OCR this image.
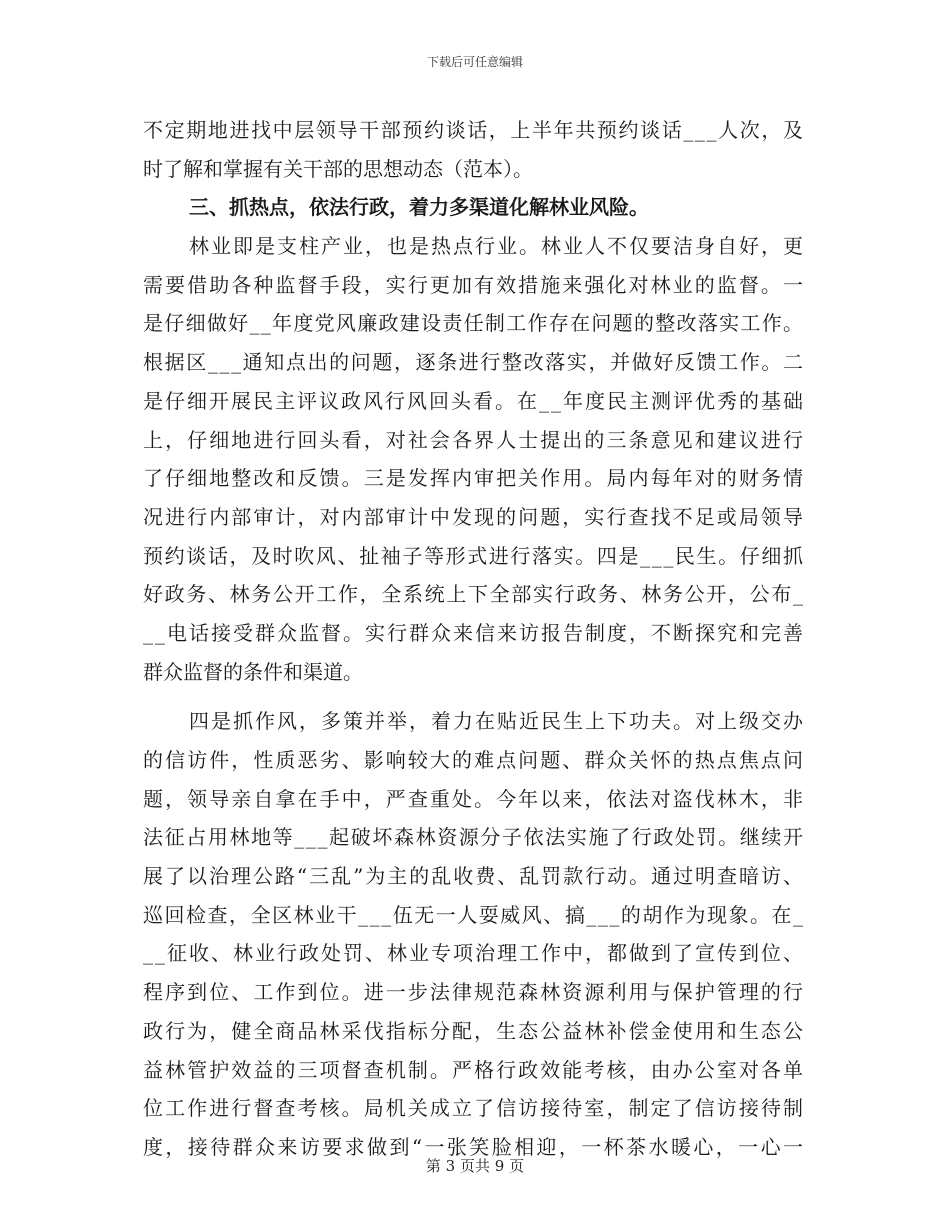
下载后可任意编辑
不定期地进找中层领导干部预约谈话，上半年共预约谈话___人次，及
时了解和掌握有关干部的思想动态（范本）。
三、抓热点，依法行政，着力多渠道化解林业风险。
林业即是支柱产业，也是热点行业。林业人不仅要洁身自好，更
需要借助各种监督手段，实行更加有效措施来强化对林业的监督。一
是仔细做好__年度党风廉政建设责任制工作存在问题的整改落实工作。
根据区___通知点出的问题，逐条进行整改落实，并做好反馈工作。二
是仔细开展民主评议政风行风回头看。在__年度民主测评优秀的基础
上，仔细地进行回头看，对社会各界人士提出的三条意见和建议进行
了仔细地整改和反馈。三是发挥内审把关作用。局内每年对的财务情
况进行内部审计，对内部审计中发现的问题，实行查找不足或局领导
预约谈话，及时吹风、扯袖子等形式进行落实。四是___民生。仔细抓
好政务、林务公开工作，全系统上下全部实行政务、林务公开，公布_
__电话接受群众监督。实行群众来信来访报告制度，不断探究和完善
群众监督的条件和渠道。
四是抓作风，多策并举，着力在贴近民生上下功夫。对上级交办
的信访件，性质恶劣、影响较大的难点问题、群众关怀的热点焦点问
题，领导亲自拿在手中，严查重处。今年以来，依法对盗伐林木，非
法征占用林地等___起破坏森林资源分子依法实施了行政处罚。继续开
展了以治理公路“三乱”为主的乱收费、乱罚款行动。通过明查暗访、
巡回检查，全区林业干___伍无一人耍威风、搞___的胡作为现象。在_
__征收、林业行政处罚、林业专项治理工作中，都做到了宣传到位、
程序到位、工作到位。进一步法律规范森林资源利用与保护管理的行
政行为，健全商品林采伐指标分配，生态公益林补偿金使用和生态公
益林管护效益的三项督查机制。严格行政效能考核，由办公室对各单
位工作进行督查考核。局机关成立了信访接待室，制定了信访接待制
度，接待群众来访要求做到“一张笑脸相迎，一杯茶水暖心，一心一
第 3 页共 9 页
